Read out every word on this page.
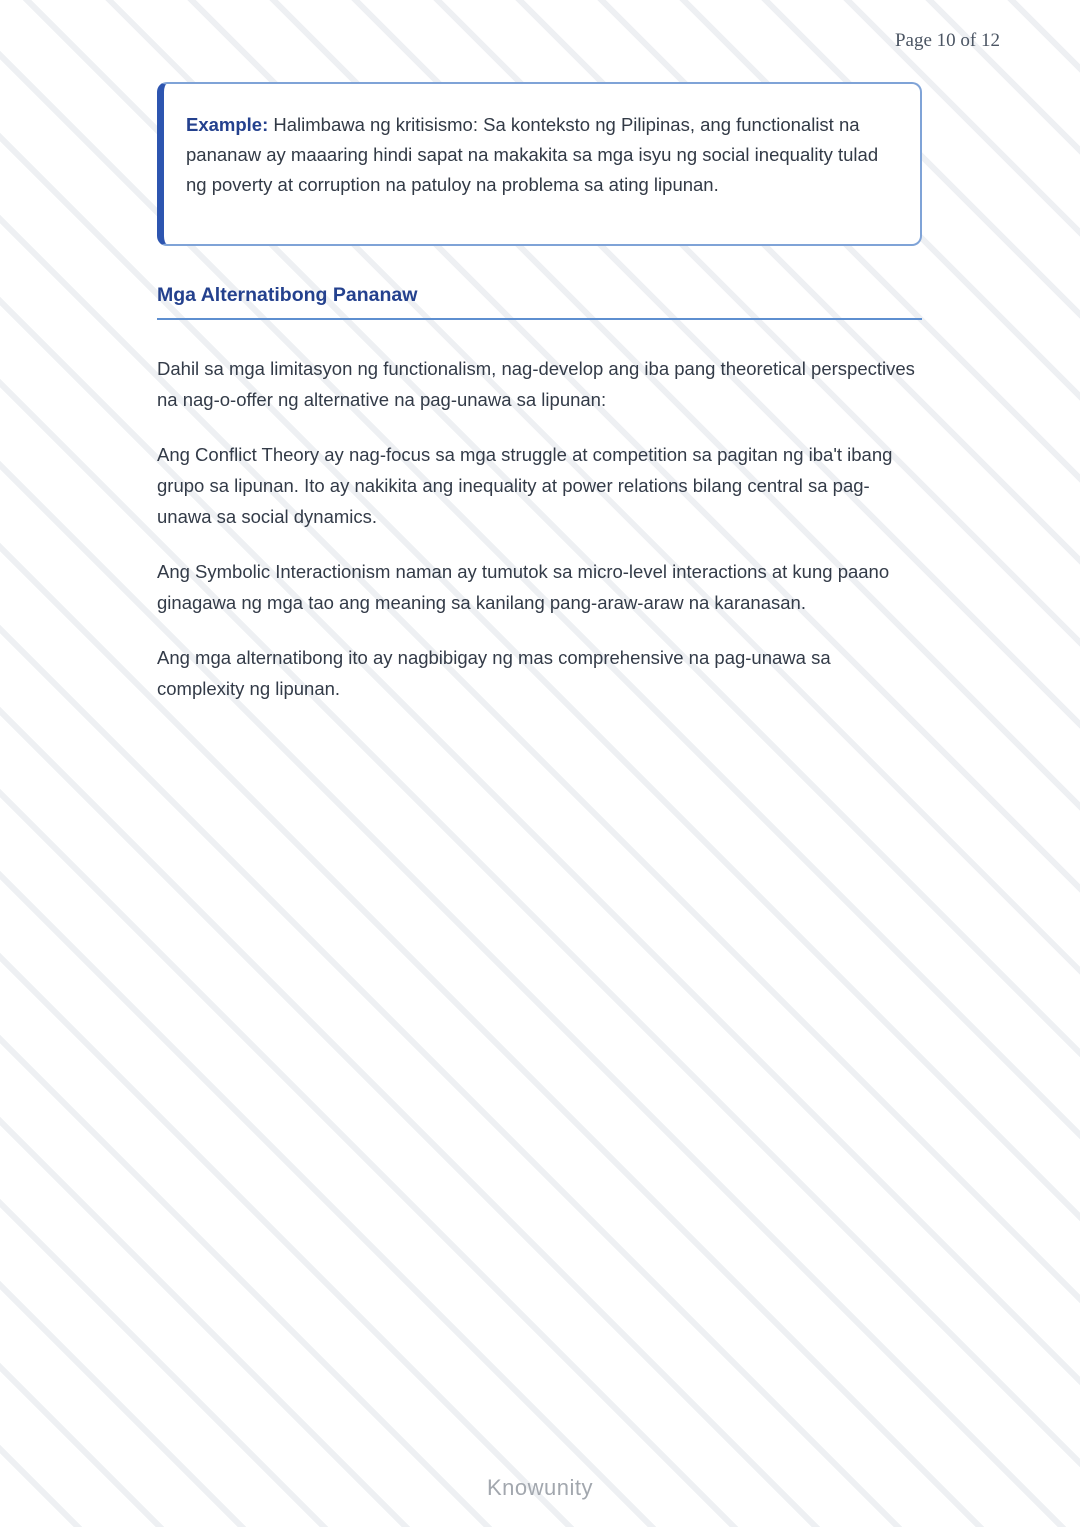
Page 10 of 12

Example: Halimbawa ng kritisismo: Sa konteksto ng Pilipinas, ang functionalist na pananaw ay maaaring hindi sapat na makakita sa mga isyu ng social inequality tulad ng poverty at corruption na patuloy na problema sa ating lipunan.

Mga Alternatibong Pananaw

Dahil sa mga limitasyon ng functionalism, nag-develop ang iba pang theoretical perspectives na nag-o-offer ng alternative na pag-unawa sa lipunan:

Ang Conflict Theory ay nag-focus sa mga struggle at competition sa pagitan ng iba't ibang grupo sa lipunan. Ito ay nakikita ang inequality at power relations bilang central sa pag-unawa sa social dynamics.

Ang Symbolic Interactionism naman ay tumutok sa micro-level interactions at kung paano ginagawa ng mga tao ang meaning sa kanilang pang-araw-araw na karanasan.

Ang mga alternatibong ito ay nagbibigay ng mas comprehensive na pag-unawa sa complexity ng lipunan.

Knowunity
